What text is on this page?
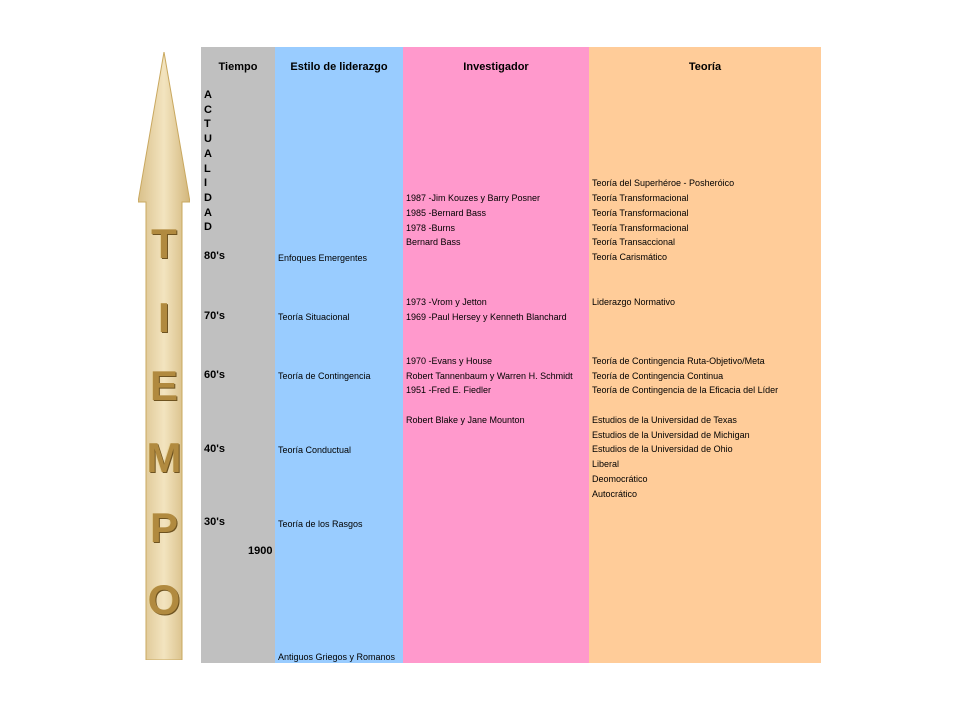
T
I
E
M
P
O
Tiempo
A
C
T
U
A
L
I
D
A
D
80's
70's
60's
40's
30's
1900
Estilo de liderazgo
Enfoques Emergentes
Teoría Situacional
Teoría de Contingencia
Teoría Conductual
Teoría de los Rasgos
Antiguos Griegos y Romanos
Investigador
1987 -Jim Kouzes y Barry Posner
1985 -Bernard Bass
1978 -Burns
Bernard Bass
1973 -Vrom y Jetton
1969 -Paul Hersey y Kenneth Blanchard
1970 -Evans y House
Robert Tannenbaum y Warren H. Schmidt
1951 -Fred E. Fiedler
Robert Blake y Jane Mounton
Teoría
Teoría del Superhéroe - Posheróico
Teoría Transformacional
Teoría Transformacional
Teoría Transformacional
Teoría Transaccional
Teoría Carismático
Liderazgo Normativo
Teoría de Contingencia Ruta-Objetivo/Meta
Teoría de Contingencia Continua
Teoría de Contingencia de la Eficacia del Líder
Estudios de la Universidad de Texas
Estudios de la Universidad de Michigan
Estudios de la Universidad de Ohio
Liberal
Deomocrático
Autocrático
